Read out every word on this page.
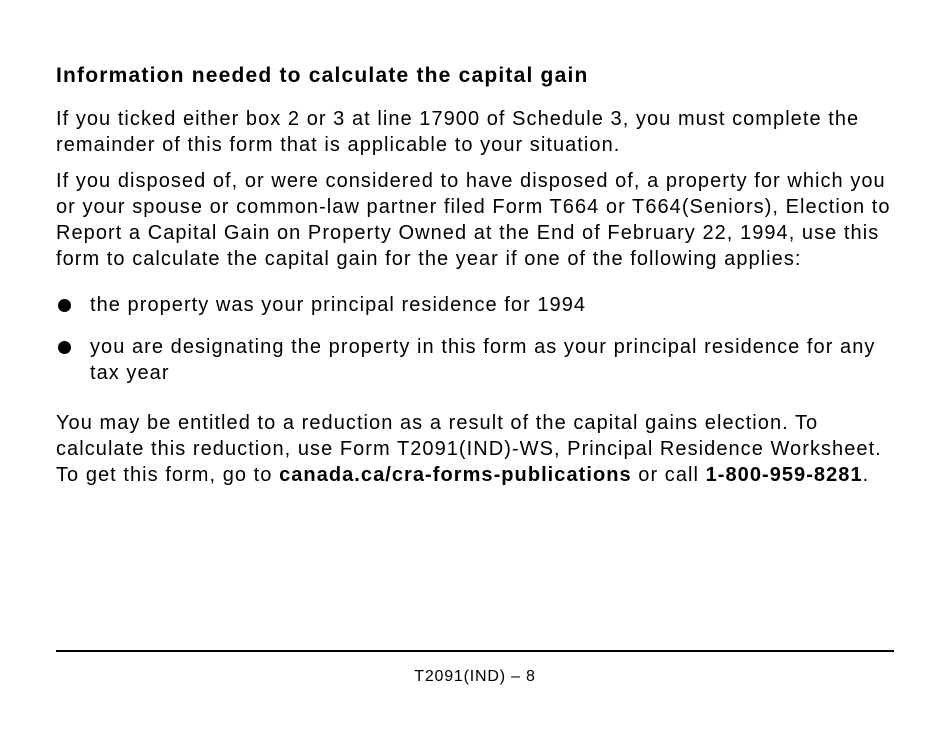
Information needed to calculate the capital gain

If you ticked either box 2 or 3 at line 17900 of Schedule 3, you must complete the remainder of this form that is applicable to your situation.

If you disposed of, or were considered to have disposed of, a property for which you or your spouse or common-law partner filed Form T664 or T664(Seniors), Election to Report a Capital Gain on Property Owned at the End of February 22, 1994, use this form to calculate the capital gain for the year if one of the following applies:

the property was your principal residence for 1994
you are designating the property in this form as your principal residence for any tax year

You may be entitled to a reduction as a result of the capital gains election. To calculate this reduction, use Form T2091(IND)-WS, Principal Residence Worksheet. To get this form, go to canada.ca/cra-forms-publications or call 1-800-959-8281.

T2091(IND) – 8
